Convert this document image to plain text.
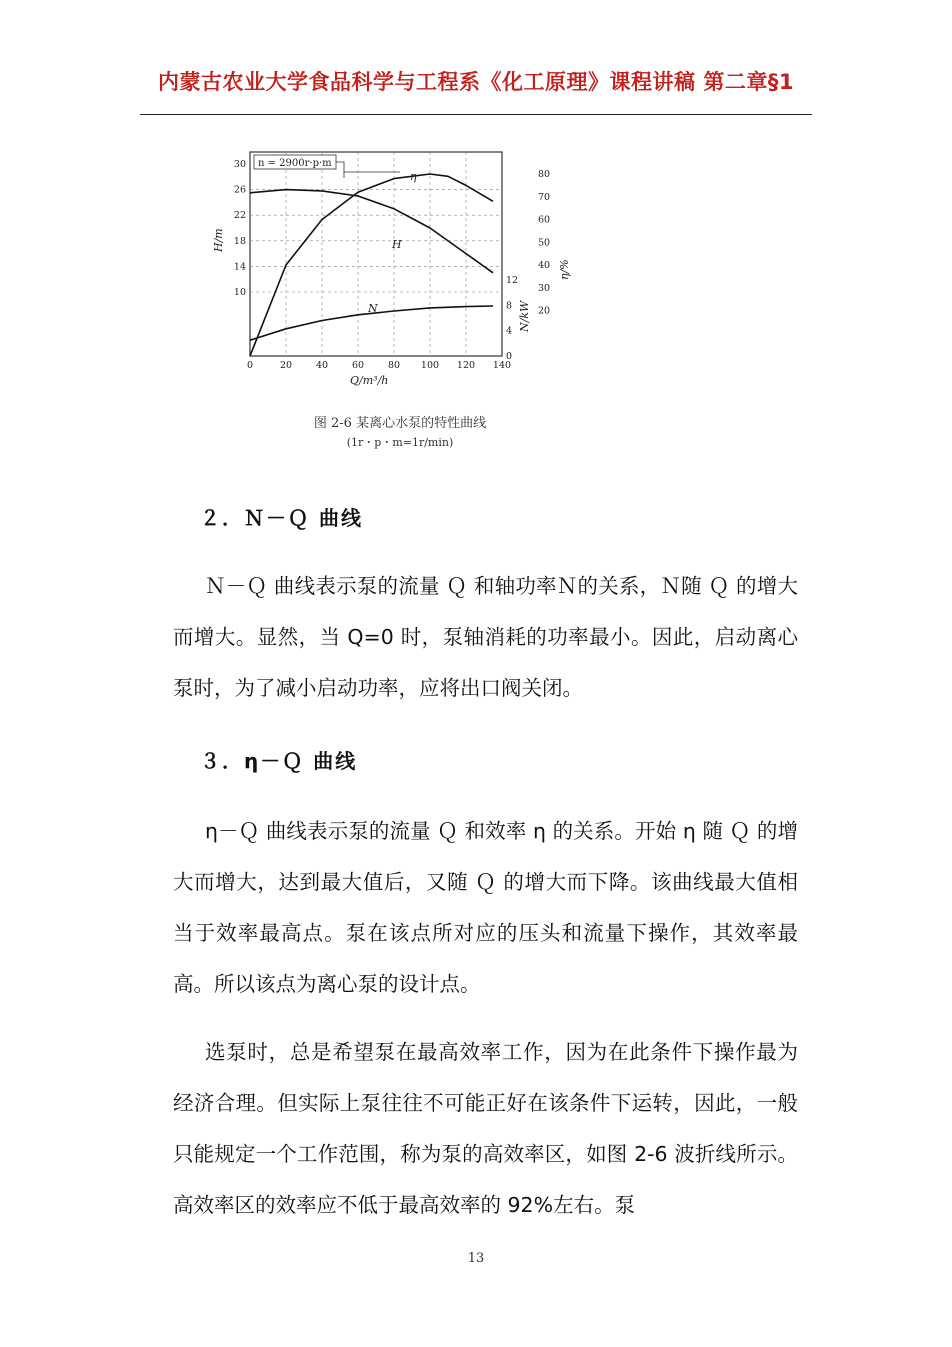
内蒙古农业大学食品科学与工程系《化工原理》课程讲稿 第二章§1
0	20	40	60	80 100 120 140
10
14
18
22
26
30
0
4
8
12
20
30
40
50
60
70
80
n = 2900r·p·m
H/m
N/kW
η/%
Q/m³/h
η
H
N
图 2-6 某离心水泵的特性曲线
(1r・p・m=1r/min)
２．Ｎ－Ｑ 曲线
Ｎ－Ｑ 曲线表示泵的流量 Ｑ 和轴功率Ｎ的关系，Ｎ随 Ｑ 的增大而增大。显然，当 Q=0 时，泵轴消耗的功率最小。因此，启动离心泵时，为了减小启动功率，应将出口阀关闭。
３．η－Ｑ 曲线
η－Ｑ 曲线表示泵的流量 Ｑ 和效率 η 的关系。开始 η 随 Ｑ 的增大而增大，达到最大值后，又随 Ｑ 的增大而下降。该曲线最大值相当于效率最高点。泵在该点所对应的压头和流量下操作，其效率最高。所以该点为离心泵的设计点。
选泵时，总是希望泵在最高效率工作，因为在此条件下操作最为经济合理。但实际上泵往往不可能正好在该条件下运转，因此，一般只能规定一个工作范围，称为泵的高效率区，如图 2-6 波折线所示。高效率区的效率应不低于最高效率的 92%左右。泵
13
